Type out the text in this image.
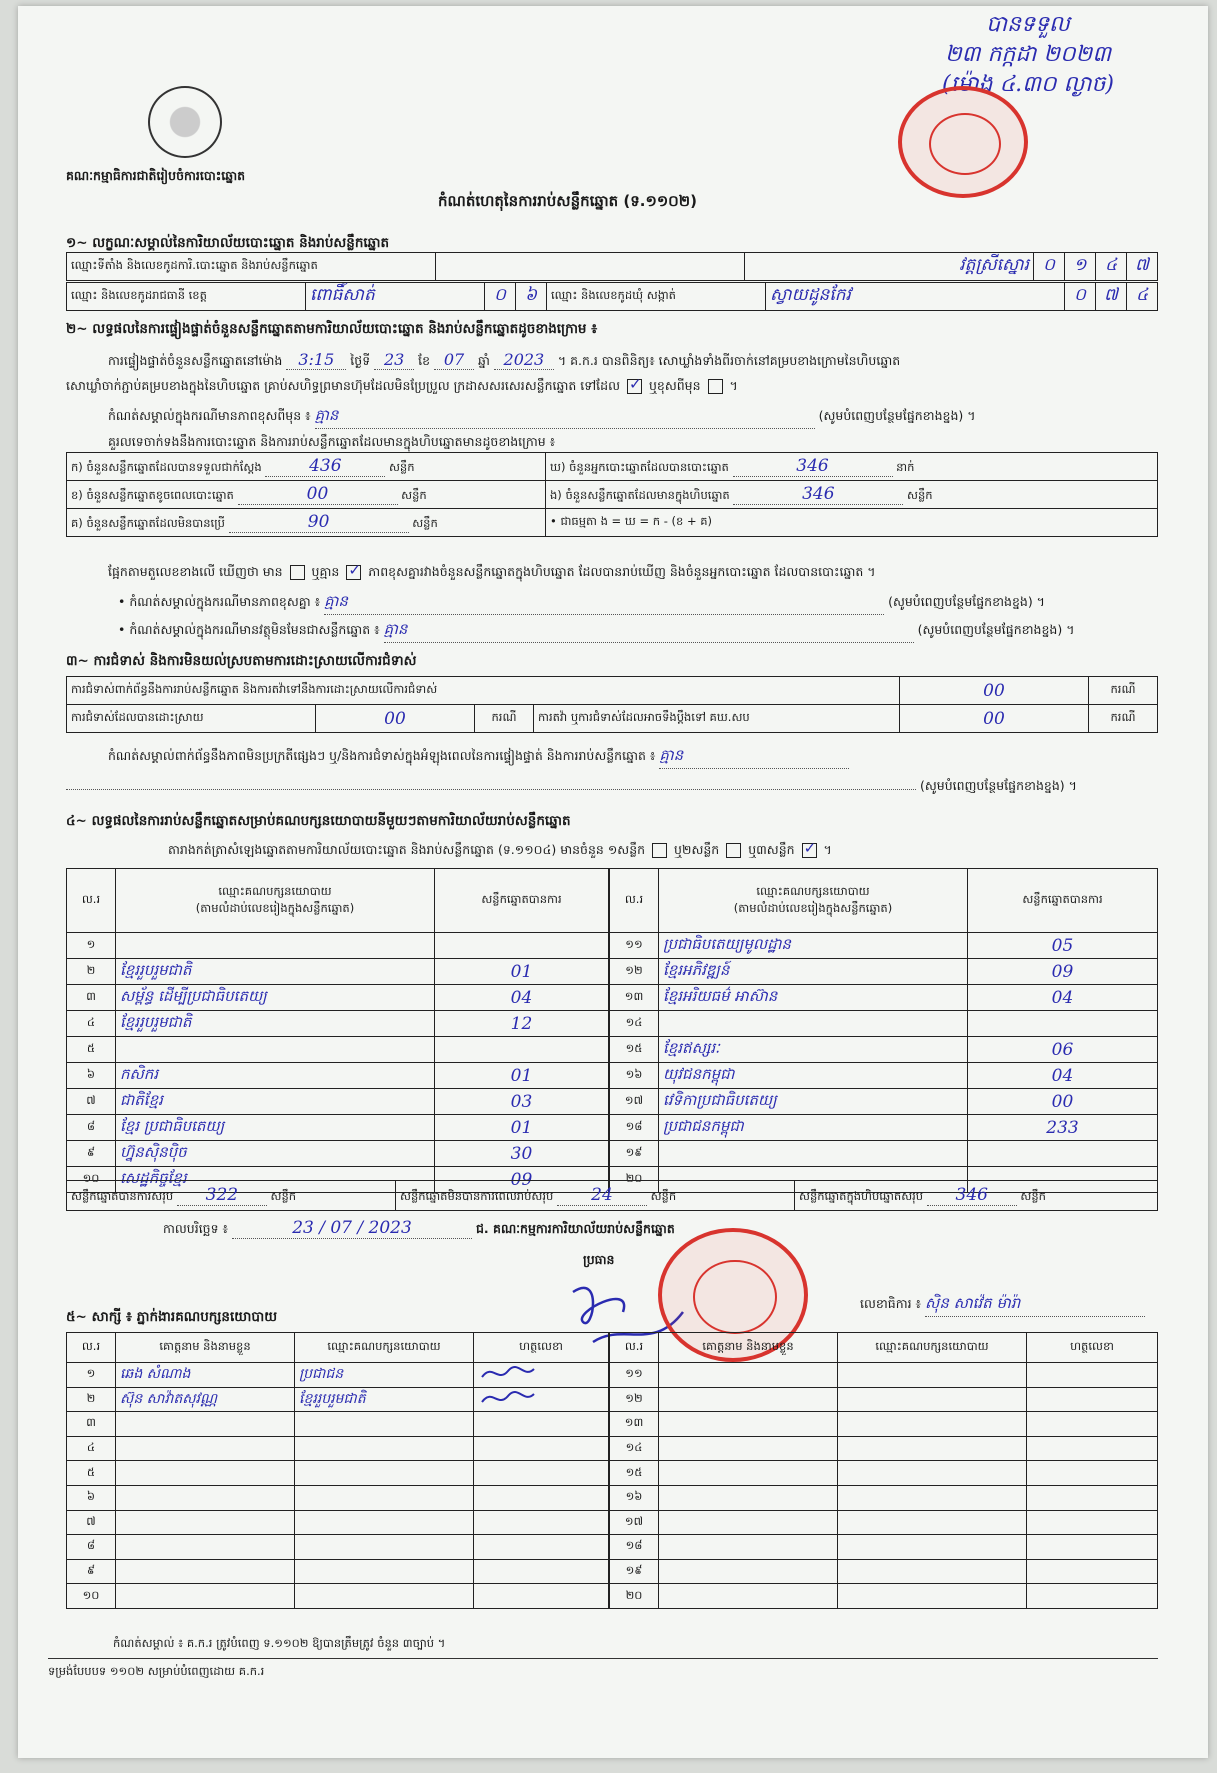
គណៈកម្មាធិការជាតិរៀបចំការបោះឆ្នោត
កំណត់ហេតុនៃការរាប់សន្លឹកឆ្នោត (ទ.១១០២)
បានទទួល
២៣ កក្កដា ២០២៣
(ម៉ោង ៤.៣០ ល្ងាច)
១~ លក្ខណៈសម្គាល់នៃការិយាល័យបោះឆ្នោត និងរាប់សន្លឹកឆ្នោត
ឈ្មោះទីតាំង និងលេខកូដការិ.បោះឆ្នោត និងរាប់សន្លឹកឆ្នោត		វត្តស្រីស្នោរ	០	១	៤	៧
ឈ្មោះ និងលេខកូដរាជធានី ខេត្ត	ពោធិ៍សាត់	០	៦	ឈ្មោះ និងលេខកូដឃុំ សង្កាត់	ស្វាយដូនកែវ	០	៧	៤
២~ លទ្ធផលនៃការផ្ទៀងផ្ទាត់ចំនួនសន្លឹកឆ្នោតតាមការិយាល័យបោះឆ្នោត និងរាប់សន្លឹកឆ្នោតដូចខាងក្រោម ៖
ការផ្ទៀងផ្ទាត់ចំនួនសន្លឹកឆ្នោតនៅម៉ោង 3:15 ថ្ងៃទី 23 ខែ 07 ឆ្នាំ 2023 ។ គ.ក.រ បានពិនិត្យ៖ សោឃ្លាំងទាំងពីរចាក់នៅគម្របខាងក្រោមនៃហិបឆ្នោត
សោឃ្លាំចាក់ភ្ជាប់គម្របខាងក្នុងនៃហិបឆ្នោត គ្រាប់សហិទ្ធព្រមានហ៊ុមដែលមិនប្រែប្រួល ក្រដាសសរសេរសន្លឹកឆ្នោត ទៅដែល ✓ ឬខុសពីមុន  ។
កំណត់សម្គាល់ក្នុងករណីមានភាពខុសពីមុន ៖ គ្មាន	(សូមបំពេញបន្ថែមផ្នែកខាងខ្នង) ។
គួរលទេចាក់ទងនឹងការបោះឆ្នោត និងការរាប់សន្លឹកឆ្នោតដែលមានក្នុងហិបឆ្នោតមានដូចខាងក្រោម ៖
ក) ចំនួនសន្លឹកឆ្នោតដែលបានទទួលជាក់ស្តែង 436 សន្លឹក	ឃ) ចំនួនអ្នកបោះឆ្នោតដែលបានបោះឆ្នោត 346 នាក់
ខ) ចំនួនសន្លឹកឆ្នោតខូចពេលបោះឆ្នោត 00 សន្លឹក	ង) ចំនួនសន្លឹកឆ្នោតដែលមានក្នុងហិបឆ្នោត 346 សន្លឹក
គ) ចំនួនសន្លឹកឆ្នោតដែលមិនបានប្រើ 90 សន្លឹក	• ជាធម្មតា ង = ឃ = ក - (ខ + គ)
ផ្អែកតាមតួលេខខាងលើ ឃើញថា មាន ឬគ្មាន ✓ ភាពខុសគ្នារវាងចំនួនសន្លឹកឆ្នោតក្នុងហិបឆ្នោត ដែលបានរាប់ឃើញ និងចំនួនអ្នកបោះឆ្នោត ដែលបានបោះឆ្នោត ។
• កំណត់សម្គាល់ក្នុងករណីមានភាពខុសគ្នា ៖ គ្មាន	(សូមបំពេញបន្ថែមផ្នែកខាងខ្នង) ។
• កំណត់សម្គាល់ក្នុងករណីមានវត្ថុមិនមែនជាសន្លឹកឆ្នោត ៖ គ្មាន	(សូមបំពេញបន្ថែមផ្នែកខាងខ្នង) ។
៣~ ការជំទាស់ និងការមិនយល់ស្របតាមការដោះស្រាយលើការជំទាស់
ការជំទាស់ពាក់ព័ន្ធនឹងការរាប់សន្លឹកឆ្នោត និងការតវ៉ាទៅនឹងការដោះស្រាយលើការជំទាស់				00	ករណី
ការជំទាស់ដែលបានដោះស្រាយ	00	ករណី	ការតវ៉ា ឬការជំទាស់ដែលអាចទឹងប្តឹងទៅ គឃ.សប	00	ករណី
កំណត់សម្គាល់ពាក់ព័ន្ធនឹងភាពមិនប្រក្រតីផ្សេងៗ ឬ/និងការជំទាស់ក្នុងអំឡុងពេលនៃការផ្ទៀងផ្ទាត់ និងការរាប់សន្លឹកឆ្នោត ៖ គ្មាន
(សូមបំពេញបន្ថែមផ្នែកខាងខ្នង) ។
៤~ លទ្ធផលនៃការរាប់សន្លឹកឆ្នោតសម្រាប់គណបក្សនយោបាយនីមួយៗតាមការិយាល័យរាប់សន្លឹកឆ្នោត
តារាងកត់ត្រាសំឡេងឆ្នោតតាមការិយាល័យបោះឆ្នោត និងរាប់សន្លឹកឆ្នោត (ទ.១១០៤) មានចំនួន ១សន្លឹក ឬ២សន្លឹក ឬ៣សន្លឹក ✓ ។
ល.រ	ឈ្មោះគណបក្សនយោបាយ
(តាមលំដាប់លេខរៀងក្នុងសន្លឹកឆ្នោត)	សន្លឹកឆ្នោតបានការ
១		
២	ខ្មែររួបរួមជាតិ	01
៣	សម្ព័ន្ធ ដើម្បីប្រជាធិបតេយ្យ	04
៤	ខ្មែររួបរួមជាតិ	12
៥		
៦	កសិករ	01
៧	ជាតិខ្មែរ	03
៨	ខ្មែរ ប្រជាធិបតេយ្យ	01
៩	ហ្វ៊ុនស៊ិនប៉ិច	30
១០	សេដ្ឋកិច្ចខ្មែរ	09
ល.រ	ឈ្មោះគណបក្សនយោបាយ
(តាមលំដាប់លេខរៀងក្នុងសន្លឹកឆ្នោត)	សន្លឹកឆ្នោតបានការ
១១	ប្រជាធិបតេយ្យមូលដ្ឋាន	05
១២	ខ្មែរអភិវឌ្ឍន៍	09
១៣	ខ្មែរអរិយធម៌ អាស៊ាន	04
១៤		
១៥	ខ្មែរឥស្សរៈ	06
១៦	យុវជនកម្ពុជា	04
១៧	វេទិកាប្រជាធិបតេយ្យ	00
១៨	ប្រជាជនកម្ពុជា	233
១៩		
២០		
សន្លឹកឆ្នោតបានការសរុប 322	សន្លឹក	សន្លឹកឆ្នោតមិនបានការពេលរាប់សរុប 24	សន្លឹក	សន្លឹកឆ្នោតក្នុងហិបឆ្នោតសរុប 346	សន្លឹក
កាលបរិច្ឆេទ ៖	23 / 07 / 2023	ជ. គណៈកម្មការការិយាល័យរាប់សន្លឹកឆ្នោត
ប្រធាន
លេខាធិការ ៖ ស៊ិន សាវ៉េត ម៉ារ៉ា
៥~ សាក្សី ៖ ភ្នាក់ងារគណបក្សនយោបាយ
ល.រ	គោត្តនាម និងនាមខ្លួន	ឈ្មោះគណបក្សនយោបាយ	ហត្ថលេខា
១	ឆេង សំណាង	ប្រជាជន	
២	ស៊ុន សាវ៉ាតសុវណ្ណ	ខ្មែររួបរួមជាតិ	
៣			
៤			
៥			
៦			
៧			
៨			
៩			
១០			
ល.រ	គោត្តនាម និងនាមខ្លួន	ឈ្មោះគណបក្សនយោបាយ	ហត្ថលេខា
១១			
១២			
១៣			
១៤			
១៥			
១៦			
១៧			
១៨			
១៩			
២០			
កំណត់សម្គាល់ ៖ គ.ក.រ ត្រូវបំពេញ ទ.១១០២ ឱ្យបានត្រឹមត្រូវ ចំនួន ៣ច្បាប់ ។
ទម្រង់បែបបទ ១១០២ សម្រាប់បំពេញដោយ គ.ក.រ
